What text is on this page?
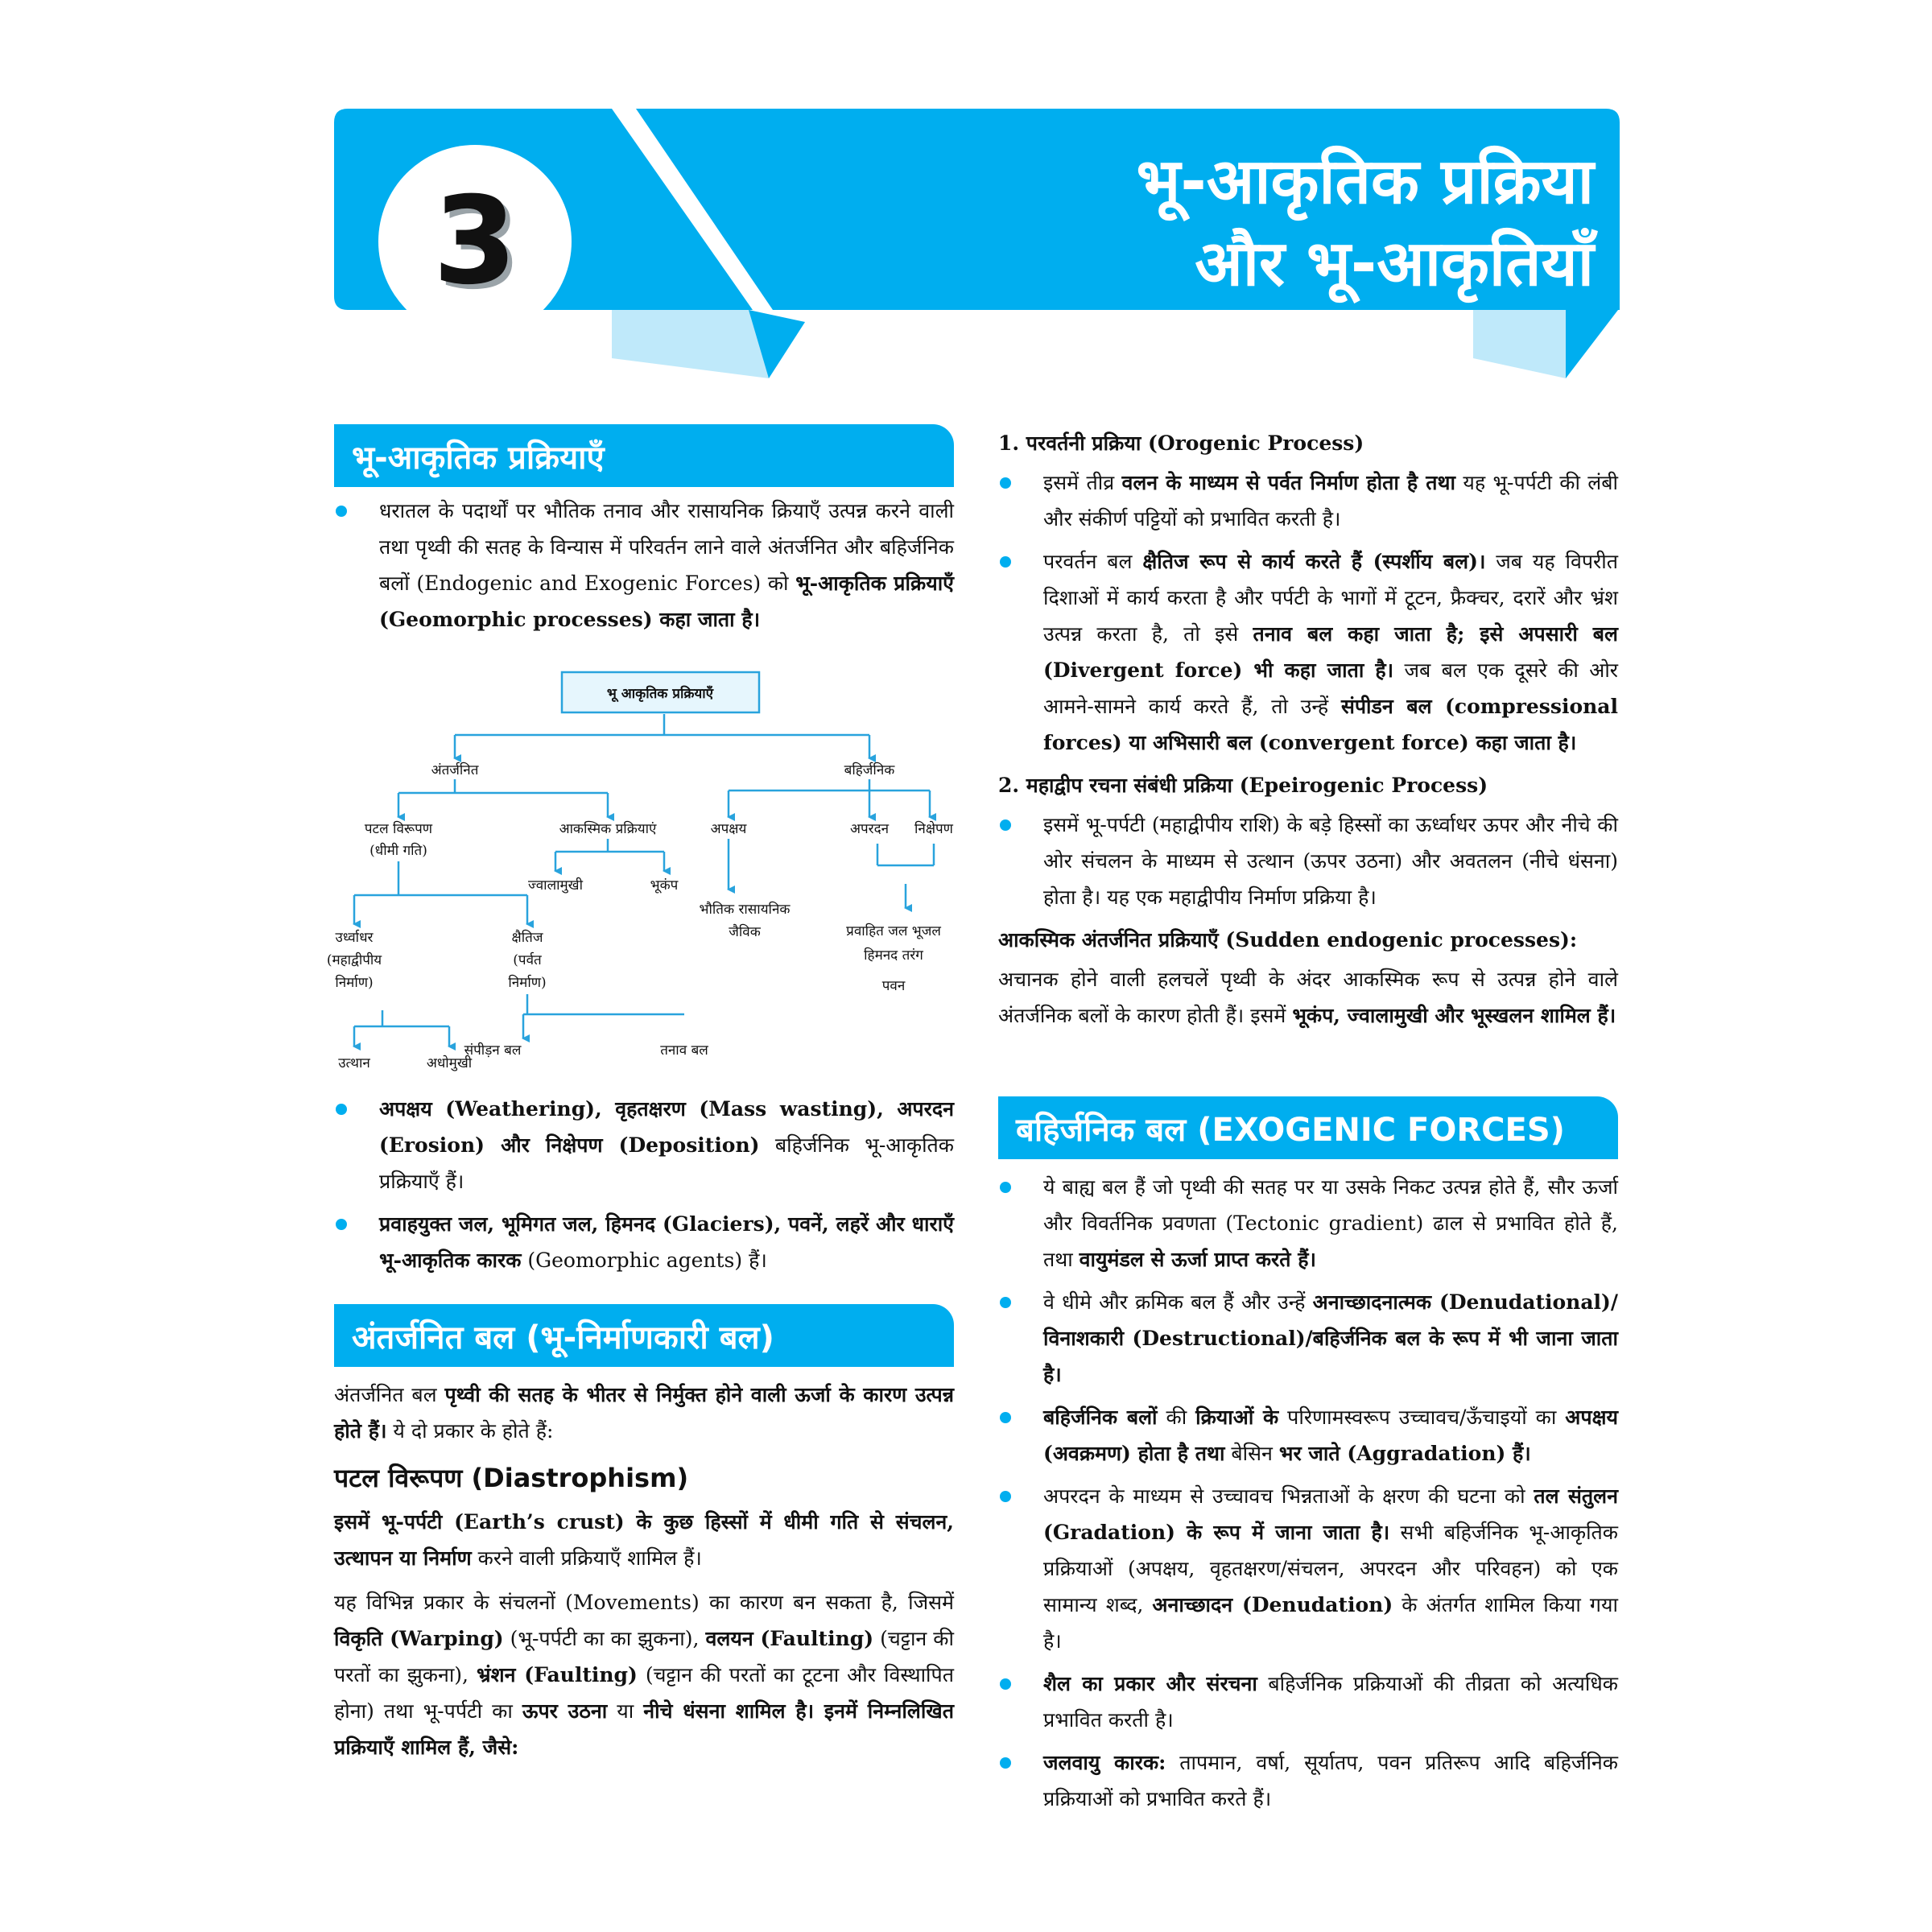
3	भू-आकृतिक प्रक्रिया
और भू-आकृतियाँ
भू-आकृतिक प्रक्रियाएँ
धरातल के पदार्थों पर भौतिक तनाव और रासायनिक क्रियाएँ उत्पन्न करने वाली तथा पृथ्वी की सतह के विन्यास में परिवर्तन लाने वाले अंतर्जनित और बहिर्जनिक बलों (Endogenic and Exogenic Forces) को भू-आकृतिक प्रक्रियाएँ (Geomorphic processes) कहा जाता है।
भू आकृतिक प्रक्रियाएँ
अंतर्जनित	बहिर्जनिक
पटल विरूपण
(धीमी गति)
आकस्मिक प्रक्रियाएं
ज्वालामुखी	भूकंप
उर्ध्वाधर
(महाद्वीपीय
निर्माण)
क्षैतिज
(पर्वत
निर्माण)
उत्थान	अधोमुखी
संपीड़न बल	तनाव बल
अपक्षय	अपरदन निक्षेपण
भौतिक रासायनिक
जैविक	प्रवाहित जल भूजल
हिमनद तरंग
पवन
अपक्षय (Weathering), वृहतक्षरण (Mass wasting), अपरदन (Erosion) और निक्षेपण (Deposition) बहिर्जनिक भू-आकृतिक प्रक्रियाएँ हैं।
प्रवाहयुक्त जल, भूमिगत जल, हिमनद (Glaciers), पवनें, लहरें और धाराएँ भू-आकृतिक कारक (Geomorphic agents) हैं।
अंतर्जनित बल (भू-निर्माणकारी बल)

अंतर्जनित बल पृथ्वी की सतह के भीतर से निर्मुक्त होने वाली ऊर्जा के कारण उत्पन्न होते हैं। ये दो प्रकार के होते हैं:

पटल विरूपण (Diastrophism)

इसमें भू-पर्पटी (Earth’s crust) के कुछ हिस्सों में धीमी गति से संचलन, उत्थापन या निर्माण करने वाली प्रक्रियाएँ शामिल हैं।

यह विभिन्न प्रकार के संचलनों (Movements) का कारण बन सकता है, जिसमें विकृति (Warping) (भू-पर्पटी का का झुकना), वलयन (Faulting) (चट्टान की परतों का झुकना), भ्रंशन (Faulting) (चट्टान की परतों का टूटना और विस्थापित होना) तथा भू-पर्पटी का ऊपर उठना या नीचे धंसना शामिल है। इनमें निम्नलिखित प्रक्रियाएँ शामिल हैं, जैसे:

1. परवर्तनी प्रक्रिया (Orogenic Process)
इसमें तीव्र वलन के माध्यम से पर्वत निर्माण होता है तथा यह भू-पर्पटी की लंबी और संकीर्ण पट्टियों को प्रभावित करती है।
परवर्तन बल क्षैतिज रूप से कार्य करते हैं (स्पर्शीय बल)। जब यह विपरीत दिशाओं में कार्य करता है और पर्पटी के भागों में टूटन, फ्रैक्चर, दरारें और भ्रंश उत्पन्न करता है, तो इसे तनाव बल कहा जाता है; इसे अपसारी बल (Divergent force) भी कहा जाता है। जब बल एक दूसरे की ओर आमने-सामने कार्य करते हैं, तो उन्हें संपीडन बल (compressional forces) या अभिसारी बल (convergent force) कहा जाता है।
2. महाद्वीप रचना संबंधी प्रक्रिया (Epeirogenic Process)
इसमें भू-पर्पटी (महाद्वीपीय राशि) के बड़े हिस्सों का ऊर्ध्वाधर ऊपर और नीचे की ओर संचलन के माध्यम से उत्थान (ऊपर उठना) और अवतलन (नीचे धंसना) होता है। यह एक महाद्वीपीय निर्माण प्रक्रिया है।
आकस्मिक अंतर्जनित प्रक्रियाएँ (Sudden endogenic processes):

अचानक होने वाली हलचलें पृथ्वी के अंदर आकस्मिक रूप से उत्पन्न होने वाले अंतर्जनिक बलों के कारण होती हैं। इसमें भूकंप, ज्वालामुखी और भूस्खलन शामिल हैं।

बहिर्जनिक बल (EXOGENIC FORCES)
ये बाह्य बल हैं जो पृथ्वी की सतह पर या उसके निकट उत्पन्न होते हैं, सौर ऊर्जा और विवर्तनिक प्रवणता (Tectonic gradient) ढाल से प्रभावित होते हैं, तथा वायुमंडल से ऊर्जा प्राप्त करते हैं।
वे धीमे और क्रमिक बल हैं और उन्हें अनाच्छादनात्मक (Denudational)/ विनाशकारी (Destructional)/बहिर्जनिक बल के रूप में भी जाना जाता है।
बहिर्जनिक बलों की क्रियाओं के परिणामस्वरूप उच्चावच/ऊँचाइयों का अपक्षय (अवक्रमण) होता है तथा बेसिन भर जाते (Aggradation) हैं।
अपरदन के माध्यम से उच्चावच भिन्नताओं के क्षरण की घटना को तल संतुलन (Gradation) के रूप में जाना जाता है। सभी बहिर्जनिक भू-आकृतिक प्रक्रियाओं (अपक्षय, वृहतक्षरण/संचलन, अपरदन और परिवहन) को एक सामान्य शब्द, अनाच्छादन (Denudation) के अंतर्गत शामिल किया गया है।
शैल का प्रकार और संरचना बहिर्जनिक प्रक्रियाओं की तीव्रता को अत्यधिक प्रभावित करती है।
जलवायु कारक: तापमान, वर्षा, सूर्यातप, पवन प्रतिरूप आदि बहिर्जनिक प्रक्रियाओं को प्रभावित करते हैं।
